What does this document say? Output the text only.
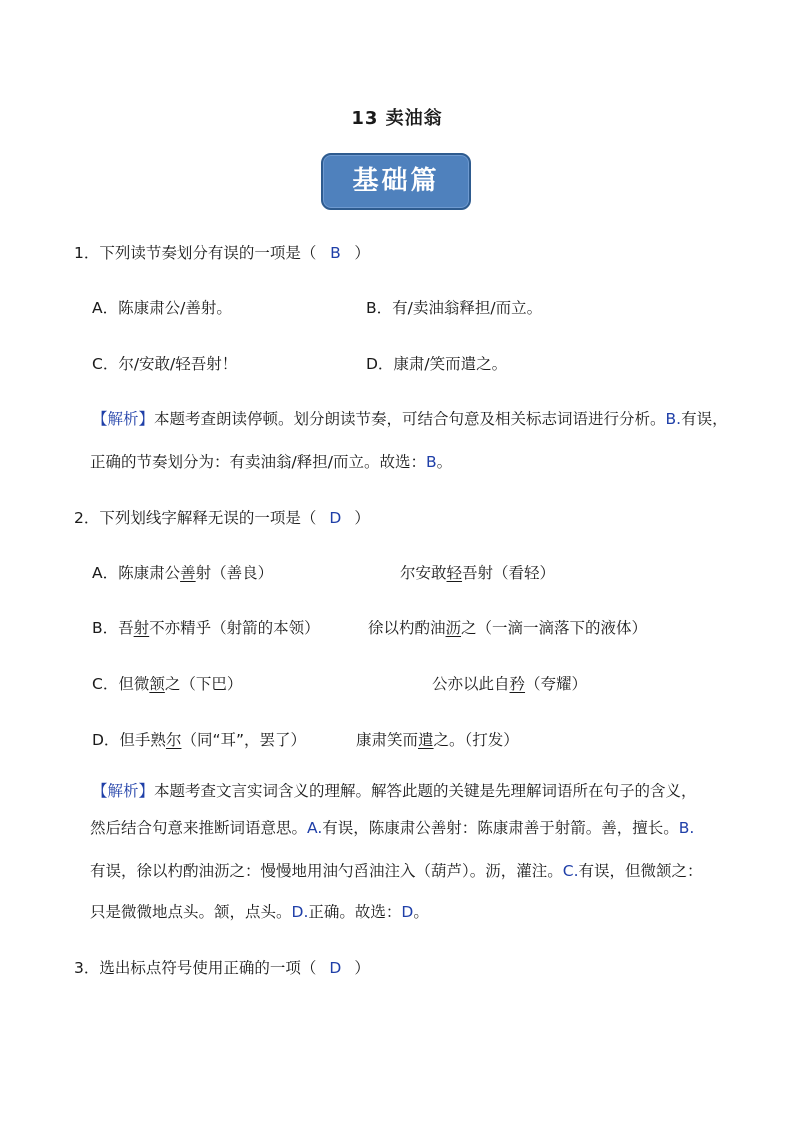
13 卖油翁
基础篇
1．下列读节奏划分有误的一项是（ B ）
A．陈康肃公/善射。	B．有/卖油翁释担/而立。
C．尔/安敢/轻吾射！	D．康肃/笑而遣之。
【解析】本题考查朗读停顿。划分朗读节奏，可结合句意及相关标志词语进行分析。B.有误，
正确的节奏划分为：有卖油翁/释担/而立。故选：B。
2．下列划线字解释无误的一项是（ D ）
A．陈康肃公善射（善良）	尔安敢轻吾射（看轻）
B．吾射不亦精乎（射箭的本领）	徐以杓酌油沥之（一滴一滴落下的液体）
C．但微颔之（下巴）	公亦以此自矜（夸耀）
D．但手熟尔（同“耳”，罢了）	康肃笑而遣之。（打发）
【解析】本题考查文言实词含义的理解。解答此题的关键是先理解词语所在句子的含义，
然后结合句意来推断词语意思。A.有误，陈康肃公善射：陈康肃善于射箭。善，擅长。B.
有误，徐以杓酌油沥之：慢慢地用油勺舀油注入（葫芦）。沥，灌注。C.有误，但微颔之：
只是微微地点头。颔，点头。D.正确。故选：D。
3．选出标点符号使用正确的一项（ D ）
